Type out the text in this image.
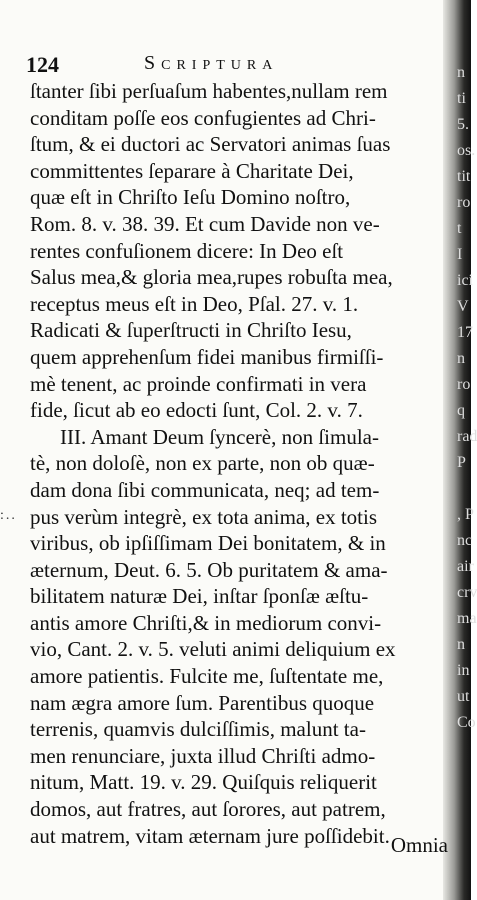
n
ti
5.
os.
tit
ro
t
I
ici
V
17
n
ro
q
rad
P
, P
nc
air
crv
ma
n
in
ut
Co
124	Scriptura
:..
ſtanter ſibi perſuaſum habentes,nullam rem
conditam poſſe eos confugientes ad Chri-
ſtum, & ei ductori ac Servatori animas ſuas
committentes ſeparare à Charitate Dei,
quæ eſt in Chriſto Ieſu Domino noſtro,
Rom. 8. v. 38. 39. Et cum Davide non ve-
rentes confuſionem dicere: In Deo eſt
Salus mea,& gloria mea,rupes robuſta mea,
receptus meus eſt in Deo, Pſal. 27. v. 1.
Radicati & ſuperſtructi in Chriſto Iesu,
quem apprehenſum fidei manibus firmiſſi-
mè tenent, ac proinde confirmati in vera
fide, ſicut ab eo edocti ſunt, Col. 2. v. 7.
III. Amant Deum ſyncerè, non ſimula-
tè, non doloſè, non ex parte, non ob quæ-
dam dona ſibi communicata, neq; ad tem-
pus verùm integrè, ex tota anima, ex totis
viribus, ob ipſiſſimam Dei bonitatem, & in
æternum, Deut. 6. 5. Ob puritatem & ama-
bilitatem naturæ Dei, inſtar ſponſæ æſtu-
antis amore Chriſti,& in mediorum convi-
vio, Cant. 2. v. 5. veluti animi deliquium ex
amore patientis. Fulcite me, ſuſtentate me,
nam ægra amore ſum. Parentibus quoque
terrenis, quamvis dulciſſimis, malunt ta-
men renunciare, juxta illud Chriſti admo-
nitum, Matt. 19. v. 29. Quiſquis reliquerit
domos, aut fratres, aut ſorores, aut patrem,
aut matrem, vitam æternam jure poſſidebit. Omnia
